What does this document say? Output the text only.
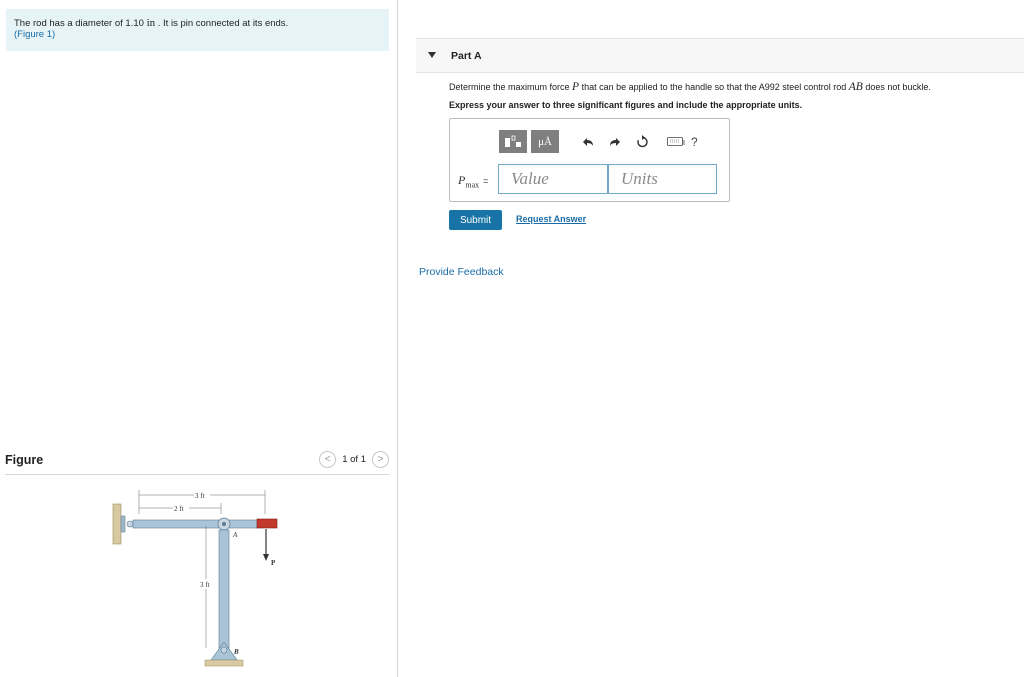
The rod has a diameter of 1.10 in . It is pin connected at its ends.
(Figure 1)
Figure	<	1 of 1	>
3 ft
2 ft
A
P
3 ft
B
Part A
Determine the maximum force P that can be applied to the handle so that the A992 steel control rod AB does not buckle.
Express your answer to three significant figures and include the appropriate units.
μÅ	?
$P_{max}$ =	Value	Units
Submit	Request Answer
Provide Feedback
